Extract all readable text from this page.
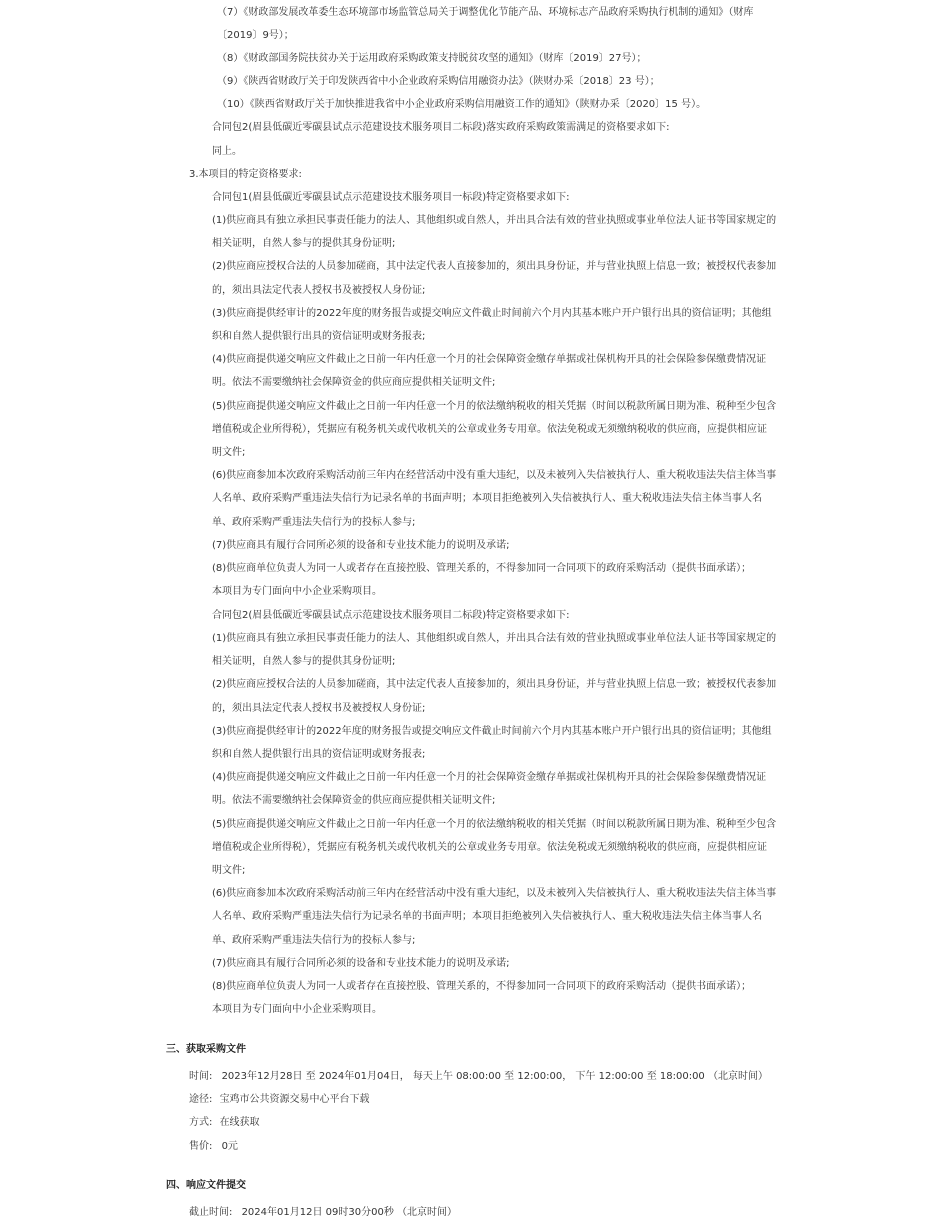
（7）《财政部发展改革委生态环境部市场监管总局关于调整优化节能产品、环境标志产品政府采购执行机制的通知》（财库
〔2019〕9号）；
（8）《财政部国务院扶贫办关于运用政府采购政策支持脱贫攻坚的通知》（财库〔2019〕27号）；
（9）《陕西省财政厅关于印发陕西省中小企业政府采购信用融资办法》（陕财办采〔2018〕23 号）；
（10）《陕西省财政厅关于加快推进我省中小企业政府采购信用融资工作的通知》（陕财办采〔2020〕15 号）。
合同包2(眉县低碳近零碳县试点示范建设技术服务项目二标段)落实政府采购政策需满足的资格要求如下:
同上。
3.本项目的特定资格要求:
合同包1(眉县低碳近零碳县试点示范建设技术服务项目一标段)特定资格要求如下:
(1)供应商具有独立承担民事责任能力的法人、其他组织或自然人，并出具合法有效的营业执照或事业单位法人证书等国家规定的
相关证明，自然人参与的提供其身份证明;
(2)供应商应授权合法的人员参加磋商，其中法定代表人直接参加的，须出具身份证，并与营业执照上信息一致；被授权代表参加
的，须出具法定代表人授权书及被授权人身份证;
(3)供应商提供经审计的2022年度的财务报告或提交响应文件截止时间前六个月内其基本账户开户银行出具的资信证明；其他组
织和自然人提供银行出具的资信证明或财务报表;
(4)供应商提供递交响应文件截止之日前一年内任意一个月的社会保障资金缴存单据或社保机构开具的社会保险参保缴费情况证
明。依法不需要缴纳社会保障资金的供应商应提供相关证明文件;
(5)供应商提供递交响应文件截止之日前一年内任意一个月的依法缴纳税收的相关凭据（时间以税款所属日期为准、税种至少包含
增值税或企业所得税），凭据应有税务机关或代收机关的公章或业务专用章。依法免税或无须缴纳税收的供应商，应提供相应证
明文件;
(6)供应商参加本次政府采购活动前三年内在经营活动中没有重大违纪，以及未被列入失信被执行人、重大税收违法失信主体当事
人名单、政府采购严重违法失信行为记录名单的书面声明；本项目拒绝被列入失信被执行人、重大税收违法失信主体当事人名
单、政府采购严重违法失信行为的投标人参与;
(7)供应商具有履行合同所必须的设备和专业技术能力的说明及承诺;
(8)供应商单位负责人为同一人或者存在直接控股、管理关系的，不得参加同一合同项下的政府采购活动（提供书面承诺）；
本项目为专门面向中小企业采购项目。
合同包2(眉县低碳近零碳县试点示范建设技术服务项目二标段)特定资格要求如下:
(1)供应商具有独立承担民事责任能力的法人、其他组织或自然人，并出具合法有效的营业执照或事业单位法人证书等国家规定的
相关证明，自然人参与的提供其身份证明;
(2)供应商应授权合法的人员参加磋商，其中法定代表人直接参加的，须出具身份证，并与营业执照上信息一致；被授权代表参加
的，须出具法定代表人授权书及被授权人身份证;
(3)供应商提供经审计的2022年度的财务报告或提交响应文件截止时间前六个月内其基本账户开户银行出具的资信证明；其他组
织和自然人提供银行出具的资信证明或财务报表;
(4)供应商提供递交响应文件截止之日前一年内任意一个月的社会保障资金缴存单据或社保机构开具的社会保险参保缴费情况证
明。依法不需要缴纳社会保障资金的供应商应提供相关证明文件;
(5)供应商提供递交响应文件截止之日前一年内任意一个月的依法缴纳税收的相关凭据（时间以税款所属日期为准、税种至少包含
增值税或企业所得税），凭据应有税务机关或代收机关的公章或业务专用章。依法免税或无须缴纳税收的供应商，应提供相应证
明文件;
(6)供应商参加本次政府采购活动前三年内在经营活动中没有重大违纪，以及未被列入失信被执行人、重大税收违法失信主体当事
人名单、政府采购严重违法失信行为记录名单的书面声明；本项目拒绝被列入失信被执行人、重大税收违法失信主体当事人名
单、政府采购严重违法失信行为的投标人参与;
(7)供应商具有履行合同所必须的设备和专业技术能力的说明及承诺;
(8)供应商单位负责人为同一人或者存在直接控股、管理关系的，不得参加同一合同项下的政府采购活动（提供书面承诺）；
本项目为专门面向中小企业采购项目。
三、获取采购文件
时间: 2023年12月28日 至 2024年01月04日， 每天上午 08:00:00 至 12:00:00， 下午 12:00:00 至 18:00:00 （北京时间）
途径: 宝鸡市公共资源交易中心平台下载
方式: 在线获取
售价: 0元
四、响应文件提交
截止时间: 2024年01月12日 09时30分00秒 （北京时间）
